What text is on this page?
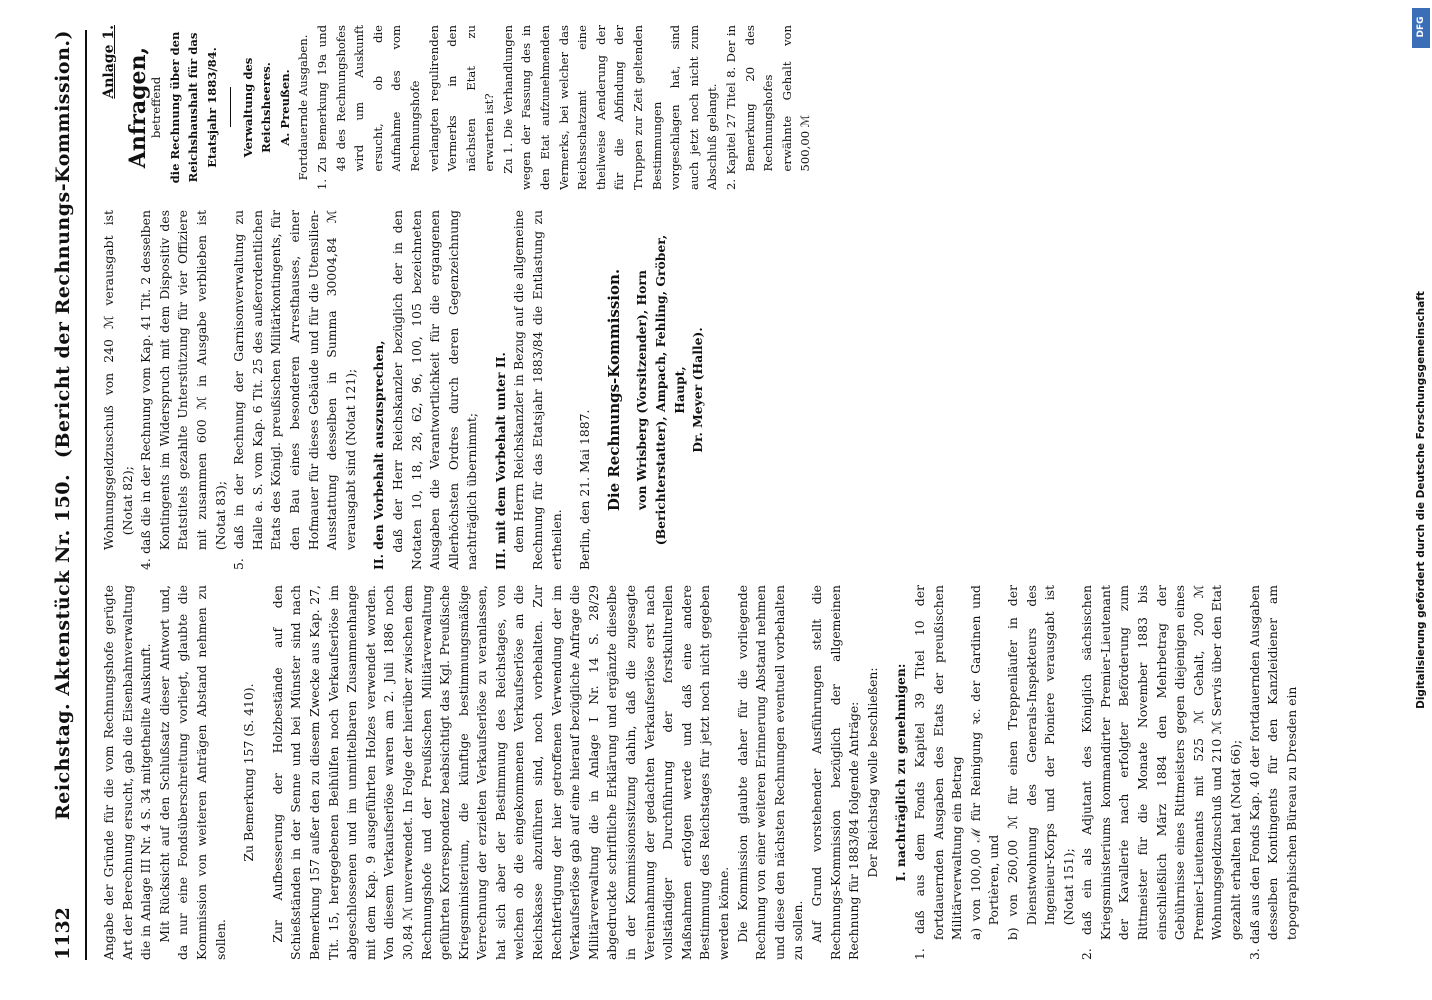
1132
Reichstag. Aktenstück Nr. 150.
(Bericht der Rechnungs-Kommission.)

Angabe der Gründe für die vom Rechnungshofe gerügte Art der Berechnung ersucht, gab die Eisenbahnverwaltung die in Anlage III Nr. 4 S. 34 mitgetheilte Auskunft. Mit Rücksicht auf den Schlußsatz dieser Antwort und, da nur eine Fondsüberschreitung vorliegt, glaubte die Kommission von weiteren Anträgen Abstand nehmen zu sollen.

Zu Bemerkung 157 (S. 410). Zur Aufbesserung der Holzbestände auf den Schießständen in der Senne und bei Münster sind nach Bemerkung 157 außer den zu diesem Zwecke aus Kap. 27, Tit. 15, hergegebenen Beihülfen noch Verkaufserlöse im abgeschlossenen und im unmittelbaren Zusammenhange mit dem Kap. 9 ausgeführten Holzes verwendet worden. Von diesem Verkaufserlöse waren am 2. Juli 1886 noch 30,84 ℳ unverwendet. In Folge der hierüber zwischen dem Rechnungshofe und der Preußischen Militärverwaltung geführten Korrespondenz beabsichtigt das Kgl. Preußische Kriegsministerium, die künftige bestimmungsmäßige Verrechnung der erzielten Verkaufserlöse zu veranlassen, hat sich aber der Bestimmung des Reichstages, von welchen ob die eingekommenen Verkaufserlöse an die Reichskasse abzuführen sind, noch vorbehalten. Zur Rechtfertigung der hier getroffenen Verwendung der im Verkaufserlöse gab auf eine hierauf bezügliche Anfrage die Militärverwaltung die in Anlage I Nr. 14 S. 28/29 abgedruckte schriftliche Erklärung und ergänzte dieselbe in der Kommissionssitzung dahin, daß die zugesagte Vereinnahmung der gedachten Verkaufserlöse erst nach vollständiger Durchführung der forstkulturellen Maßnahmen erfolgen werde und daß eine andere Bestimmung des Reichstages für jetzt noch nicht gegeben werden könne. Die Kommission glaubte daher für die vorliegende Rechnung von einer weiteren Erinnerung Abstand nehmen und diese den nächsten Rechnungen eventuell vorbehalten zu sollen. Auf Grund vorstehender Ausführungen stellt die Rechnungs-Kommission bezüglich der allgemeinen Rechnung für 1883/84 folgende Anträge: Der Reichstag wolle beschließen: I. nachträglich zu genehmigen: 1. daß aus dem Fonds Kapitel 39 Titel 10 der fortdauernden Ausgaben des Etats der preußischen Militärverwaltung ein Betrag a) von 100,00 ℳ für Reinigung ꝛc. der Gardinen und Portièren, und b) von 260,00 ℳ für einen Treppenläufer in der Dienstwohnung des Generals-Inspekteurs des Ingenieur-Korps und der Pioniere verausgabt ist (Notat 151); 2. daß ein als Adjutant des Königlich sächsischen Kriegsministeriums kommandirter Premier-Lieutenant der Kavallerie nach erfolgter Beförderung zum Rittmeister für die Monate November 1883 bis einschließlich März 1884 den Mehrbetrag der Gebührnisse eines Rittmeisters gegen diejenigen eines Premier-Lieutenants mit 525 ℳ Gehalt, 200 ℳ Wohnungsgeldzuschuß und 210 ℳ Servis über den Etat gezahlt erhalten hat (Notat 66); 3. daß aus den Fonds Kap. 40 der fortdauernden Ausgaben desselben Kontingents für den Kanzleidiener am topographischen Büreau zu Dresden ein

Wohnungsgeldzuschuß von 240 ℳ verausgabt ist (Notat 82); 4. daß die in der Rechnung vom Kap. 41 Tit. 2 desselben Kontingents im Widerspruch mit dem Dispositiv des Etatstitels gezahlte Unterstützung für vier Offiziere mit zusammen 600 ℳ in Ausgabe verblieben ist (Notat 83); 5. daß in der Rechnung der Garnisonverwaltung zu Halle a. S. vom Kap. 6 Tit. 25 des außerordentlichen Etats des Königl. preußischen Militärkontingents, für den Bau eines besonderen Arresthauses, einer Hofmauer für dieses Gebäude und für die Utensilien-Ausstattung desselben in Summa 30004,84 ℳ verausgabt sind (Notat 121); II. den Vorbehalt auszusprechen, daß der Herr Reichskanzler bezüglich der in den Notaten 10, 18, 28, 62, 96, 100, 105 bezeichneten Ausgaben die Verantwortlichkeit für die ergangenen Allerhöchsten Ordres durch deren Gegenzeichnung nachträglich übernimmt; III. mit dem Vorbehalt unter II. dem Herrn Reichskanzler in Bezug auf die allgemeine Rechnung für das Etatsjahr 1883/84 die Entlastung zu ertheilen. Berlin, den 21. Mai 1887. Die Rechnungs-Kommission. von Wrisberg (Vorsitzender), Horn (Berichterstatter), Ampach, Fehling, Gröber, Haupt, Dr. Meyer (Halle).

Anlage 1. Anfragen,

betreffend die Rechnung über den Reichshaushalt für das Etatsjahr 1883/84. Verwaltung des Reichsheeres. A. Preußen. Fortdauernde Ausgaben. 1. Zu Bemerkung 19a und 48 des Rechnungshofes wird um Auskunft ersucht, ob die Aufnahme des vom Rechnungshofe verlangten regulirenden Vermerks in den nächsten Etat zu erwarten ist? Zu 1. Die Verhandlungen wegen der Fassung des in den Etat aufzunehmenden Vermerks, bei welcher das Reichsschatzamt eine theilweise Aenderung der für die Abfindung der Truppen zur Zeit geltenden Bestimmungen vorgeschlagen hat, sind auch jetzt noch nicht zum Abschluß gelangt. 2. Kapitel 27 Titel 8. Der in Bemerkung 20 des Rechnungshofes erwähnte Gehalt von 500,00 ℳ

Digitalisierung gefördert durch die Deutsche Forschungsgemeinschaft
DFG
